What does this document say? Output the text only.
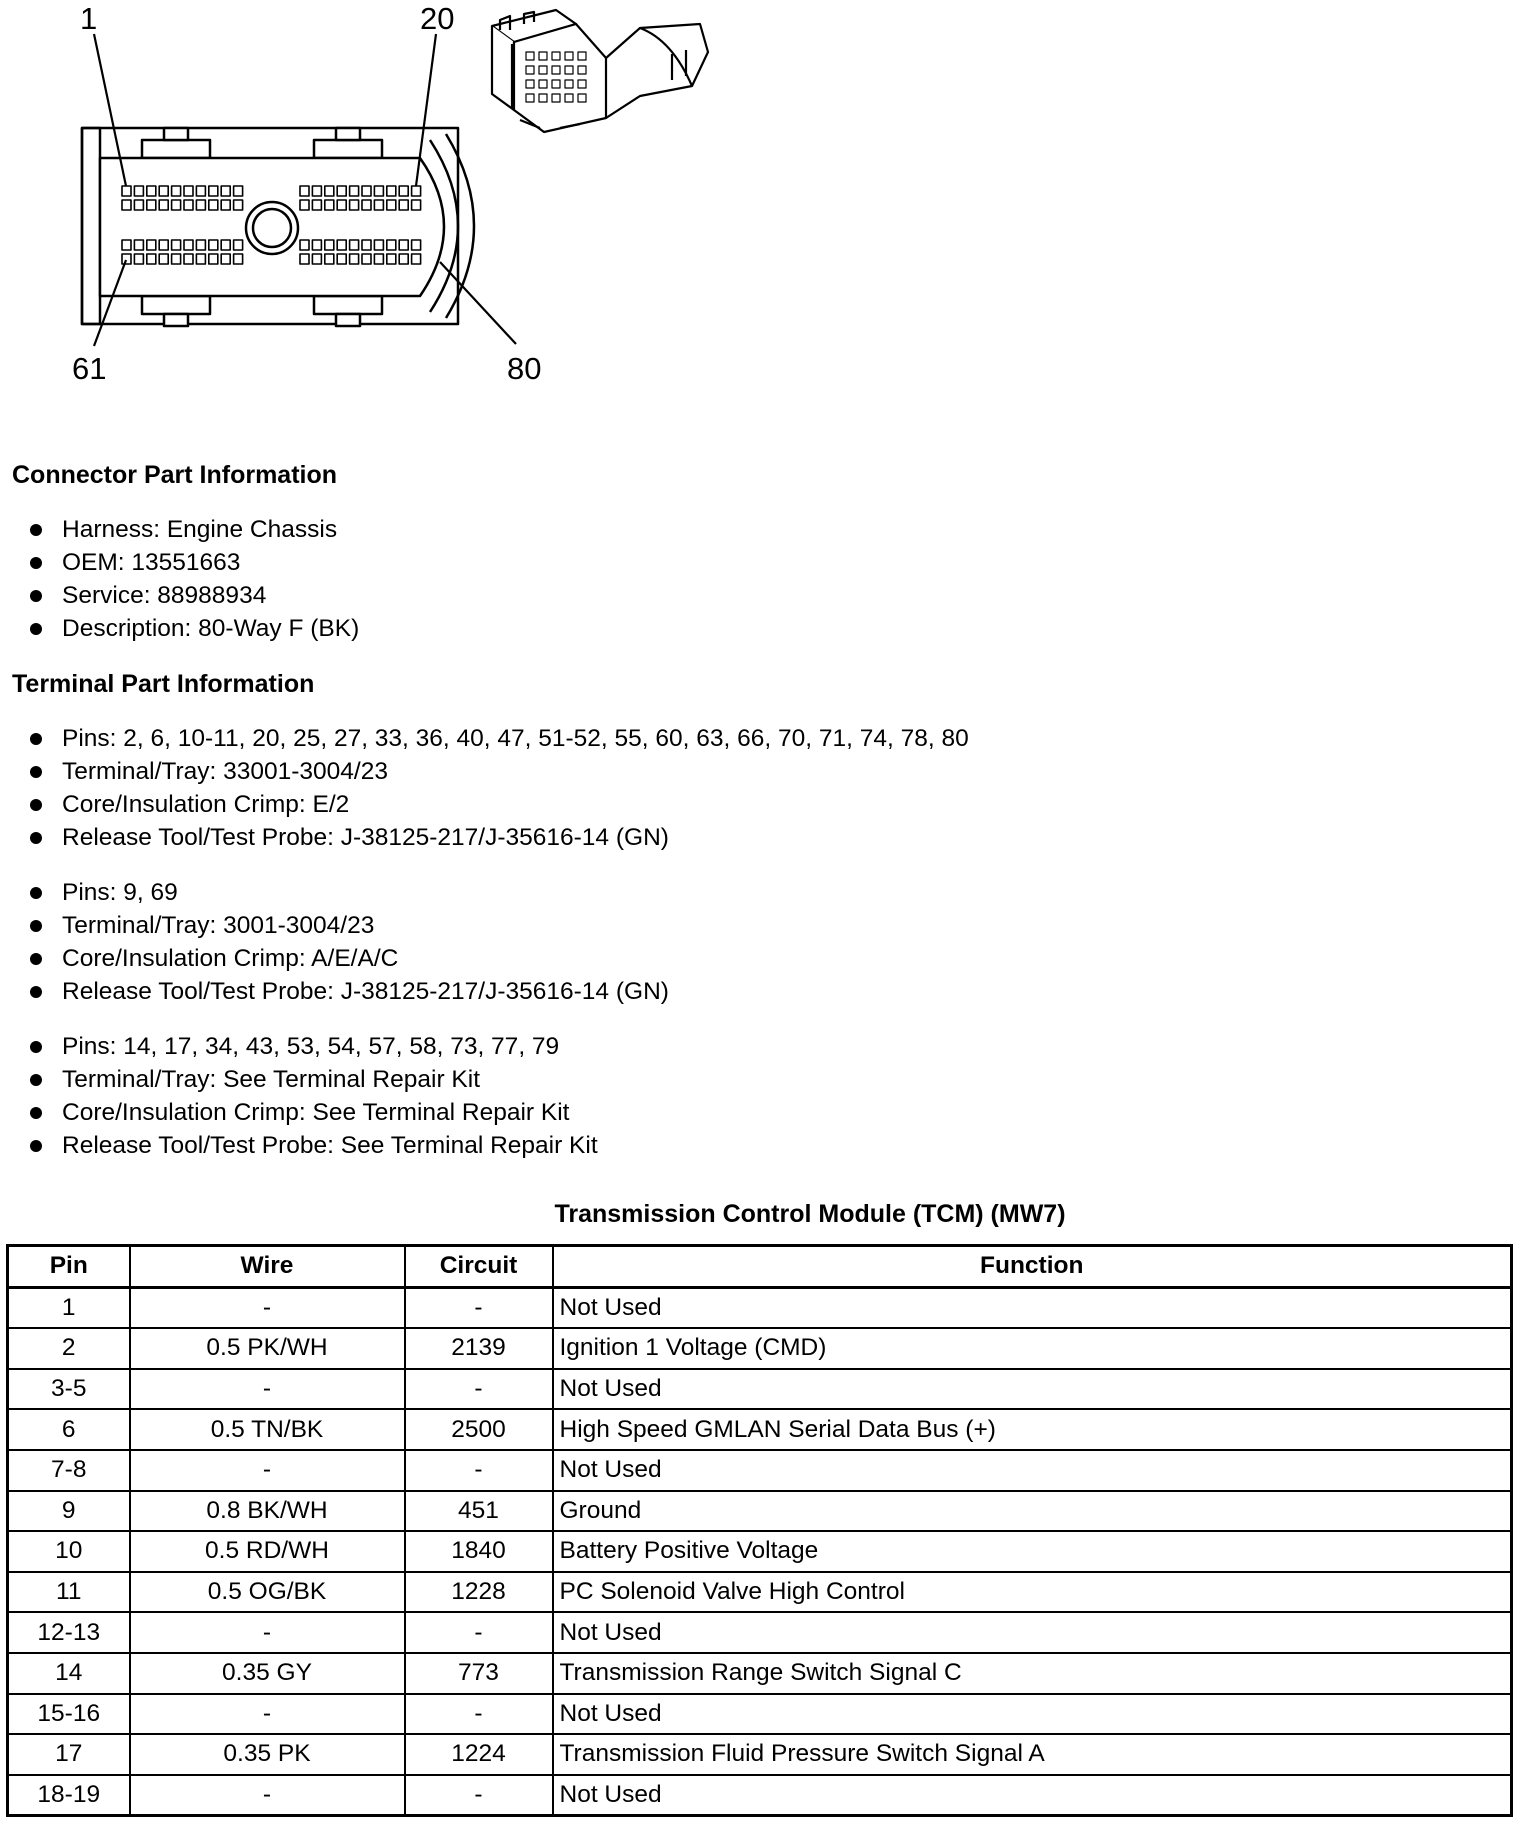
1	20
61	80
Connector Part Information
Harness: Engine Chassis
OEM: 13551663
Service: 88988934
Description: 80-Way F (BK)
Terminal Part Information
Pins: 2, 6, 10-11, 20, 25, 27, 33, 36, 40, 47, 51-52, 55, 60, 63, 66, 70, 71, 74, 78, 80
Terminal/Tray: 33001-3004/23
Core/Insulation Crimp: E/2
Release Tool/Test Probe: J-38125-217/J-35616-14 (GN)
Pins: 9, 69
Terminal/Tray: 3001-3004/23
Core/Insulation Crimp: A/E/A/C
Release Tool/Test Probe: J-38125-217/J-35616-14 (GN)
Pins: 14, 17, 34, 43, 53, 54, 57, 58, 73, 77, 79
Terminal/Tray: See Terminal Repair Kit
Core/Insulation Crimp: See Terminal Repair Kit
Release Tool/Test Probe: See Terminal Repair Kit
Transmission Control Module (TCM) (MW7)
Pin	Wire	Circuit	Function
1	-	-	Not Used
2	0.5 PK/WH	2139	Ignition 1 Voltage (CMD)
3-5	-	-	Not Used
6	0.5 TN/BK	2500	High Speed GMLAN Serial Data Bus (+)
7-8	-	-	Not Used
9	0.8 BK/WH	451	Ground
10	0.5 RD/WH	1840	Battery Positive Voltage
11	0.5 OG/BK	1228	PC Solenoid Valve High Control
12-13	-	-	Not Used
14	0.35 GY	773	Transmission Range Switch Signal C
15-16	-	-	Not Used
17	0.35 PK	1224	Transmission Fluid Pressure Switch Signal A
18-19	-	-	Not Used
